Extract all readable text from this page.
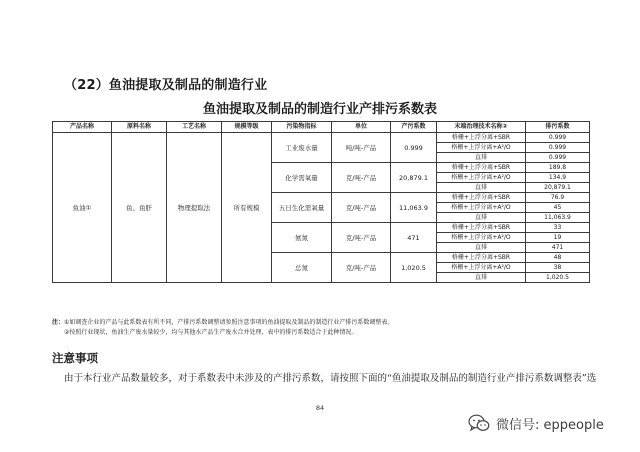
（22）鱼油提取及制品的制造行业
鱼油提取及制品的制造行业产排污系数表
产品名称	原料名称	工艺名称	规模等级	污染物指标	单位	产污系数	末端治理技术名称②	排污系数
鱼油①	鱼、鱼肝	物理提取法	所有规模	工业废水量	吨/吨-产品	0.999	格栅+上浮分离+SBR	0.999
							格栅+上浮分离+A²/O	0.999
							直排	0.999
				化学需氧量	克/吨-产品	20,879.1	格栅+上浮分离+SBR	189.8
							格栅+上浮分离+A²/O	134.9
							直排	20,879.1
				五日生化需氧量	克/吨-产品	11,063.9	格栅+上浮分离+SBR	76.9
							格栅+上浮分离+A²/O	45
							直排	11,063.9
				氨氮	克/吨-产品	471	格栅+上浮分离+SBR	33
							格栅+上浮分离+A²/O	19
							直排	471
				总氮	克/吨-产品	1,020.5	格栅+上浮分离+SBR	48
							格栅+上浮分离+A²/O	38
							直排	1,020.5
注：①如调查企业的产品与此系数表有所不同，产排污系数调整请参照注意事项的鱼油提取及制品的制造行业产排污系数调整表。
②按照行业现状，鱼油生产废水量较少，均与其他水产品生产废水合并处理，表中的排污系数适合于此种情况。
注意事项
由于本行业产品数量较多，对于系数表中未涉及的产排污系数，请按照下面的“鱼油提取及制品的制造行业产排污系数调整表”选
84
微信号: eppeople
